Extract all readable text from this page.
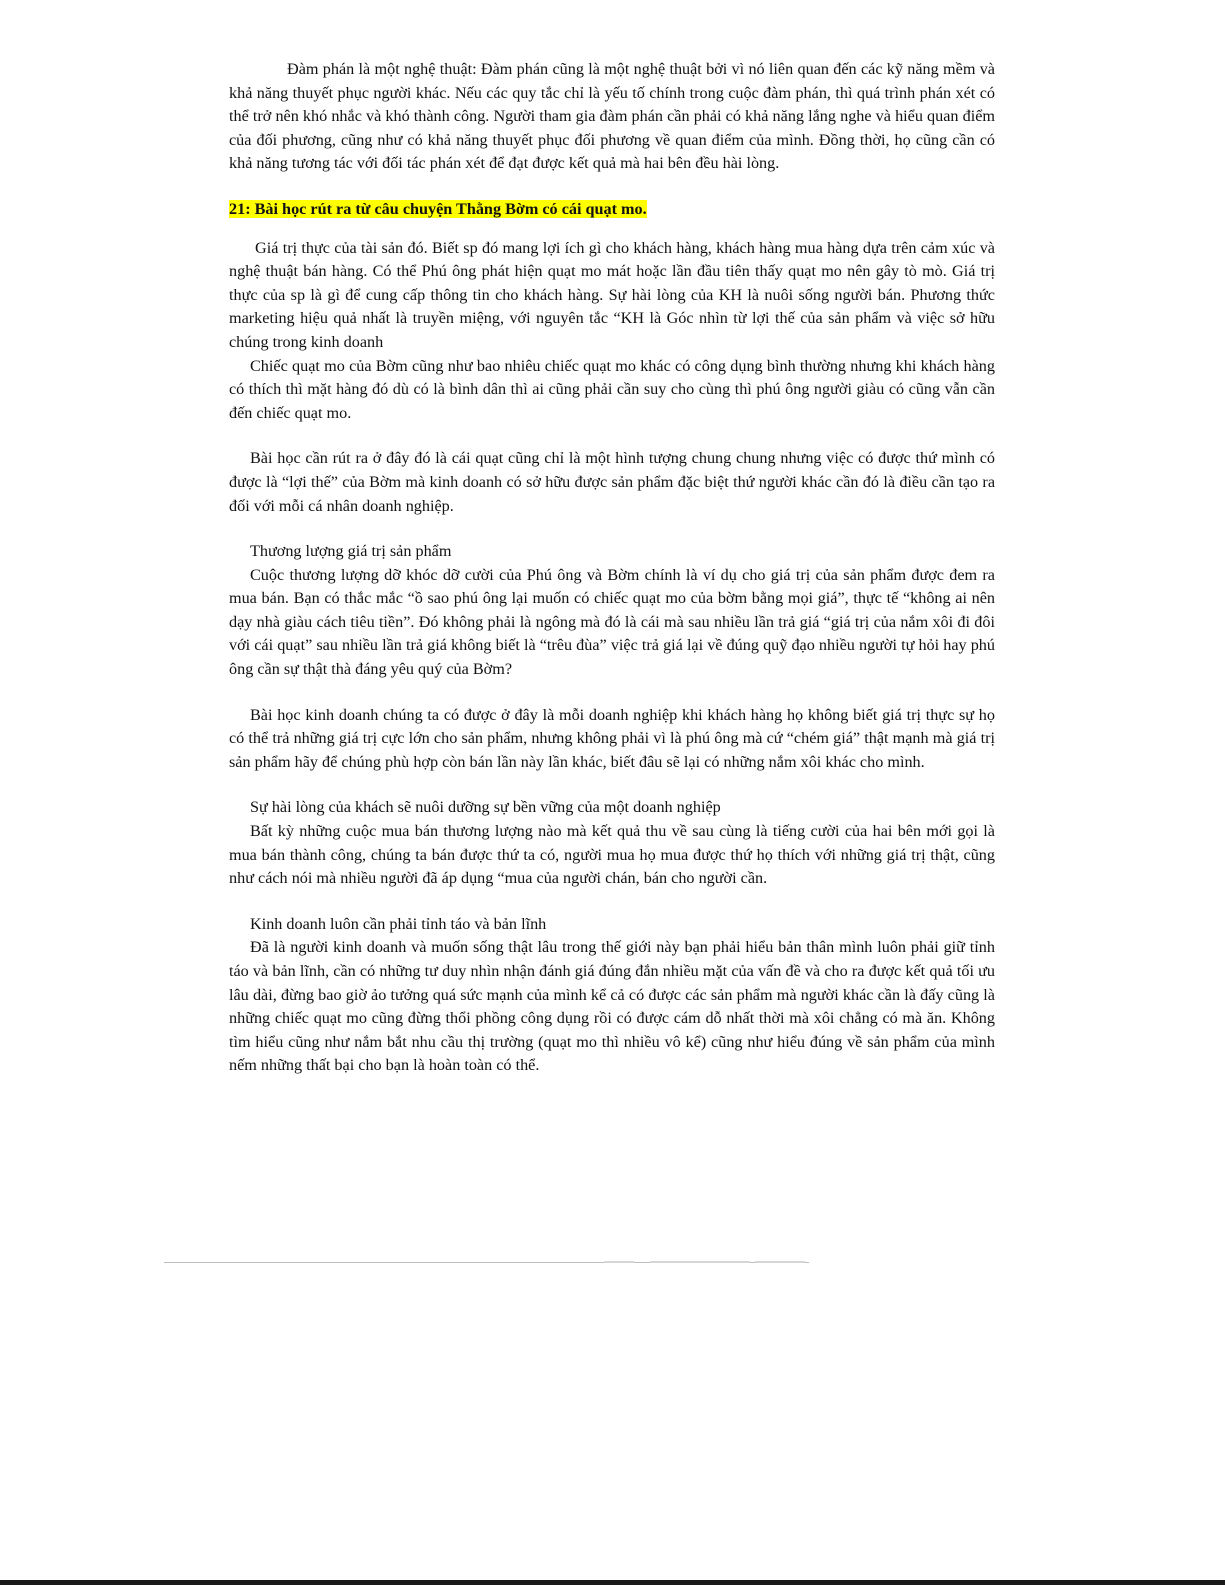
Đàm phán là một nghệ thuật: Đàm phán cũng là một nghệ thuật bởi vì nó liên quan đến các kỹ năng mềm và khả năng thuyết phục người khác. Nếu các quy tắc chỉ là yếu tố chính trong cuộc đàm phán, thì quá trình phán xét có thể trở nên khó nhắc và khó thành công. Người tham gia đàm phán cần phải có khả năng lắng nghe và hiểu quan điểm của đối phương, cũng như có khả năng thuyết phục đối phương về quan điểm của mình. Đồng thời, họ cũng cần có khả năng tương tác với đối tác phán xét để đạt được kết quả mà hai bên đều hài lòng.

21: Bài học rút ra từ câu chuyện Thằng Bờm có cái quạt mo.

Giá trị thực của tài sản đó. Biết sp đó mang lợi ích gì cho khách hàng, khách hàng mua hàng dựa trên cảm xúc và nghệ thuật bán hàng. Có thể Phú ông phát hiện quạt mo mát hoặc lần đầu tiên thấy quạt mo nên gây tò mò. Giá trị thực của sp là gì để cung cấp thông tin cho khách hàng. Sự hài lòng của KH là nuôi sống người bán. Phương thức marketing hiệu quả nhất là truyền miệng, với nguyên tắc “KH là Góc nhìn từ lợi thế của sản phẩm và việc sở hữu chúng trong kinh doanh

Chiếc quạt mo của Bờm cũng như bao nhiêu chiếc quạt mo khác có công dụng bình thường nhưng khi khách hàng có thích thì mặt hàng đó dù có là bình dân thì ai cũng phải cần suy cho cùng thì phú ông người giàu có cũng vẫn cần đến chiếc quạt mo.

Bài học cần rút ra ở đây đó là cái quạt cũng chỉ là một hình tượng chung chung nhưng việc có được thứ mình có được là “lợi thế” của Bờm mà kinh doanh có sở hữu được sản phẩm đặc biệt thứ người khác cần đó là điều cần tạo ra đối với mỗi cá nhân doanh nghiệp.

Thương lượng giá trị sản phẩm

Cuộc thương lượng dỡ khóc dỡ cười của Phú ông và Bờm chính là ví dụ cho giá trị của sản phẩm được đem ra mua bán. Bạn có thắc mắc “ồ sao phú ông lại muốn có chiếc quạt mo của bờm bằng mọi giá”, thực tế “không ai nên dạy nhà giàu cách tiêu tiền”. Đó không phải là ngông mà đó là cái mà sau nhiều lần trả giá “giá trị của nắm xôi đi đôi với cái quạt” sau nhiều lần trả giá không biết là “trêu đùa” việc trả giá lại về đúng quỹ đạo nhiều người tự hỏi hay phú ông cần sự thật thà đáng yêu quý của Bờm?

Bài học kinh doanh chúng ta có được ở đây là mỗi doanh nghiệp khi khách hàng họ không biết giá trị thực sự họ có thể trả những giá trị cực lớn cho sản phẩm, nhưng không phải vì là phú ông mà cứ “chém giá” thật mạnh mà giá trị sản phẩm hãy để chúng phù hợp còn bán lần này lần khác, biết đâu sẽ lại có những nắm xôi khác cho mình.

Sự hài lòng của khách sẽ nuôi dưỡng sự bền vững của một doanh nghiệp

Bất kỳ những cuộc mua bán thương lượng nào mà kết quả thu về sau cùng là tiếng cười của hai bên mới gọi là mua bán thành công, chúng ta bán được thứ ta có, người mua họ mua được thứ họ thích với những giá trị thật, cũng như cách nói mà nhiều người đã áp dụng “mua của người chán, bán cho người cần.

Kinh doanh luôn cần phải tỉnh táo và bản lĩnh

Đã là người kinh doanh và muốn sống thật lâu trong thế giới này bạn phải hiểu bản thân mình luôn phải giữ tỉnh táo và bản lĩnh, cần có những tư duy nhìn nhận đánh giá đúng đắn nhiều mặt của vấn đề và cho ra được kết quả tối ưu lâu dài, đừng bao giờ ảo tưởng quá sức mạnh của mình kể cả có được các sản phẩm mà người khác cần là đấy cũng là những chiếc quạt mo cũng đừng thổi phồng công dụng rồi có được cám dỗ nhất thời mà xôi chẳng có mà ăn. Không tìm hiểu cũng như nắm bắt nhu cầu thị trường (quạt mo thì nhiều vô kể) cũng như hiểu đúng về sản phẩm của mình nếm những thất bại cho bạn là hoàn toàn có thể.
